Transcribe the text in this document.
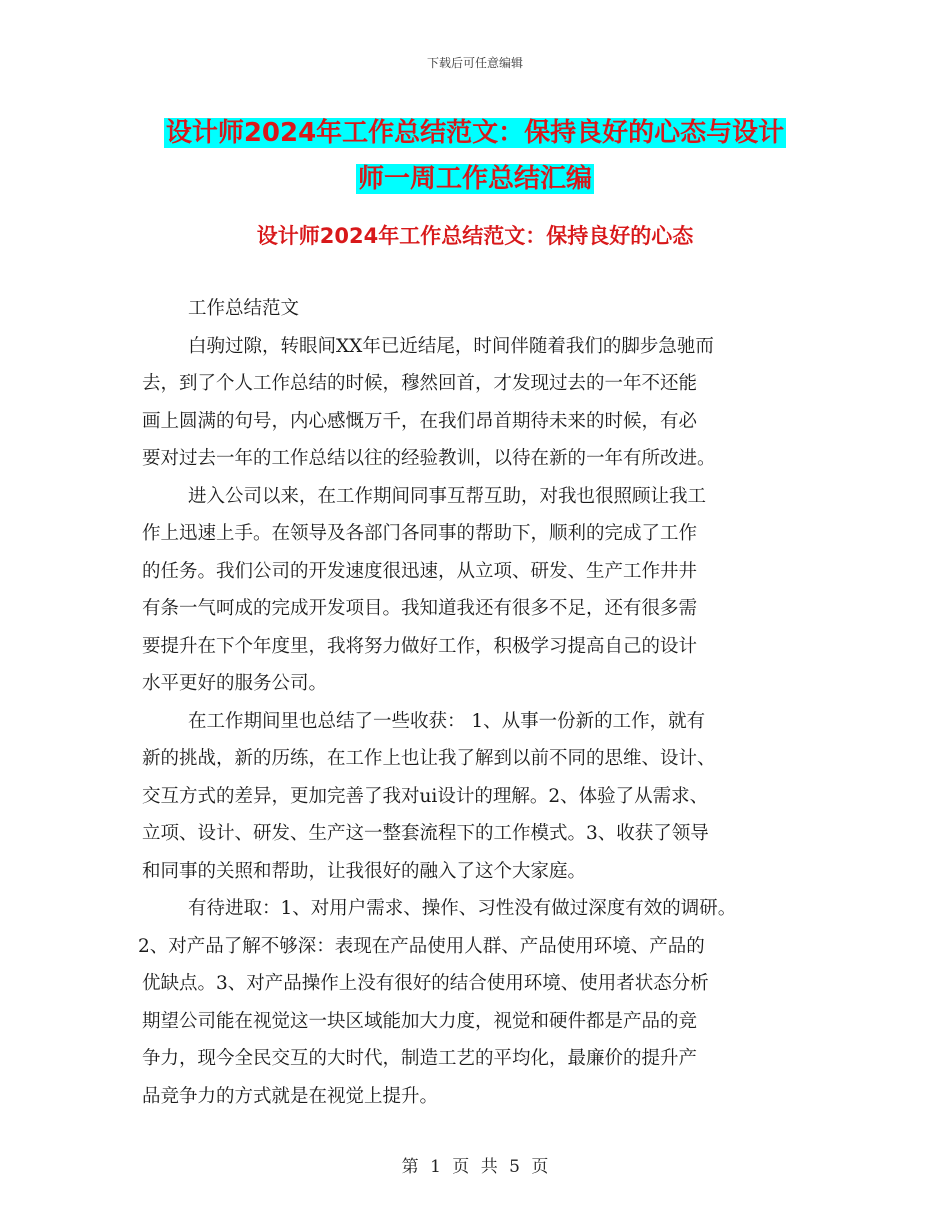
下载后可任意编辑
设计师2024年工作总结范文：保持良好的心态与设计
师一周工作总结汇编
设计师2024年工作总结范文：保持良好的心态
工作总结范文
白驹过隙，转眼间XX年已近结尾，时间伴随着我们的脚步急驰而
去，到了个人工作总结的时候，穆然回首，才发现过去的一年不还能
画上圆满的句号，内心感慨万千，在我们昂首期待未来的时候，有必
要对过去一年的工作总结以往的经验教训，以待在新的一年有所改进。
进入公司以来，在工作期间同事互帮互助，对我也很照顾让我工
作上迅速上手。在领导及各部门各同事的帮助下，顺利的完成了工作
的任务。我们公司的开发速度很迅速，从立项、研发、生产工作井井
有条一气呵成的完成开发项目。我知道我还有很多不足，还有很多需
要提升在下个年度里，我将努力做好工作，积极学习提高自己的设计
水平更好的服务公司。
在工作期间里也总结了一些收获： 1、从事一份新的工作，就有
新的挑战，新的历练，在工作上也让我了解到以前不同的思维、设计、
交互方式的差异，更加完善了我对ui设计的理解。2、体验了从需求、
立项、设计、研发、生产这一整套流程下的工作模式。3、收获了领导
和同事的关照和帮助，让我很好的融入了这个大家庭。
有待进取：1、对用户需求、操作、习性没有做过深度有效的调研。
2、对产品了解不够深：表现在产品使用人群、产品使用环境、产品的
优缺点。3、对产品操作上没有很好的结合使用环境、使用者状态分析
期望公司能在视觉这一块区域能加大力度，视觉和硬件都是产品的竞
争力，现今全民交互的大时代，制造工艺的平均化，最廉价的提升产
品竞争力的方式就是在视觉上提升。
第 1 页 共 5 页
